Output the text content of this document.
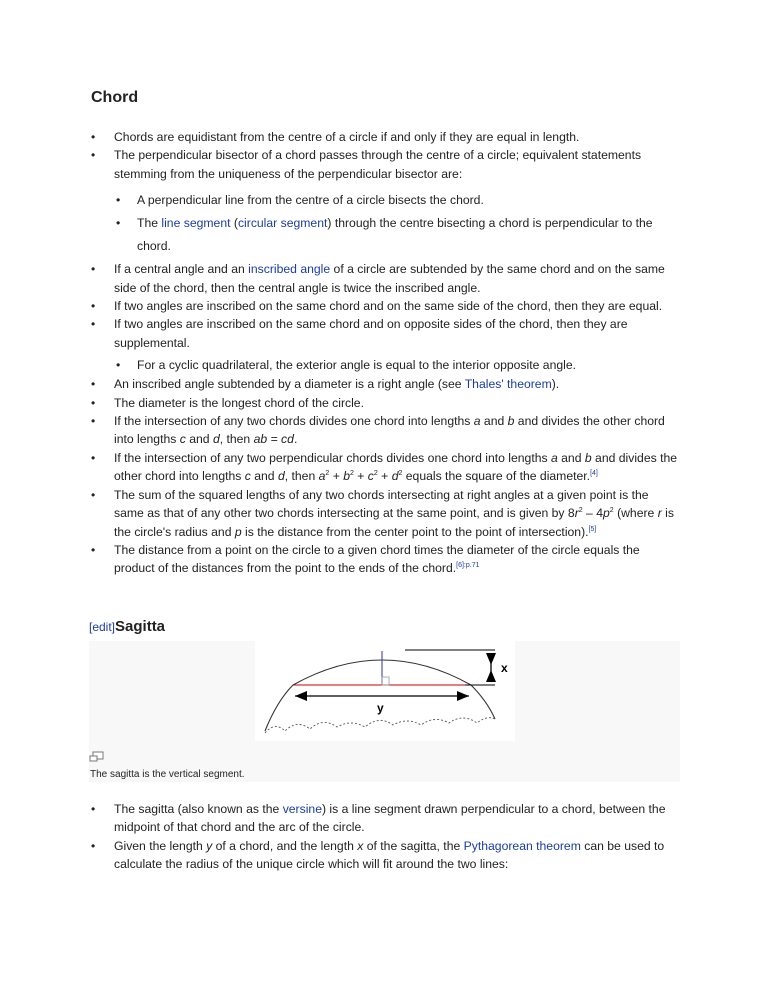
Chord
• Chords are equidistant from the centre of a circle if and only if they are equal in length.
• The perpendicular bisector of a chord passes through the centre of a circle; equivalent statements stemming from the uniqueness of the perpendicular bisector are:
• A perpendicular line from the centre of a circle bisects the chord.
• The line segment (circular segment) through the centre bisecting a chord is perpendicular to the chord.
• If a central angle and an inscribed angle of a circle are subtended by the same chord and on the same side of the chord, then the central angle is twice the inscribed angle.
• If two angles are inscribed on the same chord and on the same side of the chord, then they are equal.
• If two angles are inscribed on the same chord and on opposite sides of the chord, then they are supplemental.
• For a cyclic quadrilateral, the exterior angle is equal to the interior opposite angle.
• An inscribed angle subtended by a diameter is a right angle (see Thales' theorem).
• The diameter is the longest chord of the circle.
• If the intersection of any two chords divides one chord into lengths a and b and divides the other chord into lengths c and d, then ab = cd.
• If the intersection of any two perpendicular chords divides one chord into lengths a and b and divides the other chord into lengths c and d, then $a^2 + b^2 + c^2 + d^2$ equals the square of the diameter.[4]
• The sum of the squared lengths of any two chords intersecting at right angles at a given point is the same as that of any other two chords intersecting at the same point, and is given by $8r^2 - 4p^2$ (where r is the circle's radius and p is the distance from the center point to the point of intersection).[5]
• The distance from a point on the circle to a given chord times the diameter of the circle equals the product of the distances from the point to the ends of the chord.$^{[6]:p.71}$
[edit]Sagitta
x
y
The sagitta is the vertical segment.
• The sagitta (also known as the versine) is a line segment drawn perpendicular to a chord, between the midpoint of that chord and the arc of the circle.
• Given the length y of a chord, and the length x of the sagitta, the Pythagorean theorem can be used to calculate the radius of the unique circle which will fit around the two lines:
